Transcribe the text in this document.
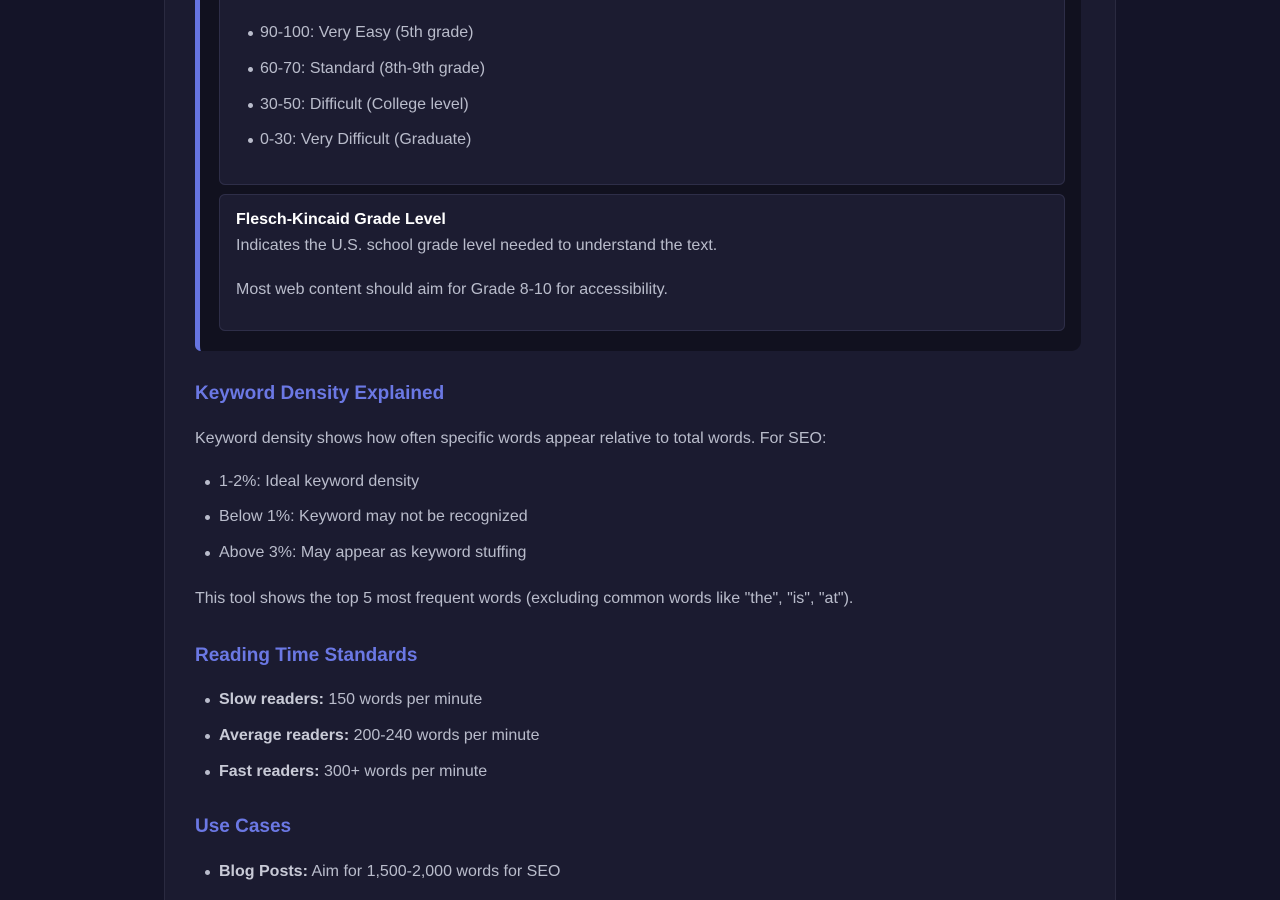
90-100: Very Easy (5th grade)
60-70: Standard (8th-9th grade)
30-50: Difficult (College level)
0-30: Very Difficult (Graduate)
Flesch-Kincaid Grade Level
Indicates the U.S. school grade level needed to understand the text.
Most web content should aim for Grade 8-10 for accessibility.
Keyword Density Explained

Keyword density shows how often specific words appear relative to total words. For SEO:

1-2%: Ideal keyword density
Below 1%: Keyword may not be recognized
Above 3%: May appear as keyword stuffing

This tool shows the top 5 most frequent words (excluding common words like "the", "is", "at").

Reading Time Standards
Slow readers: 150 words per minute
Average readers: 200-240 words per minute
Fast readers: 300+ words per minute
Use Cases
Blog Posts: Aim for 1,500-2,000 words for SEO
